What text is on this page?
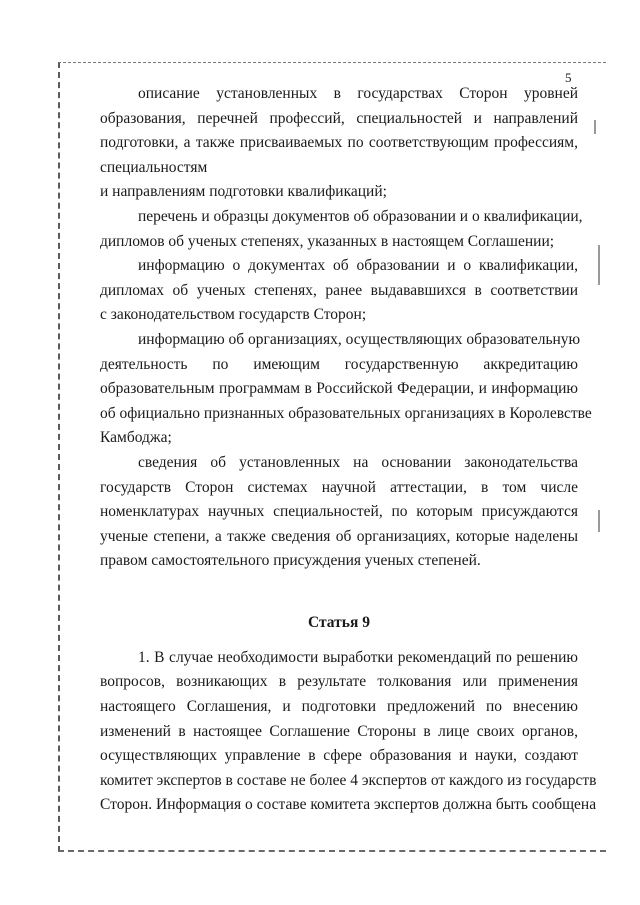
5
описание установленных в государствах Сторон уровней
образования, перечней профессий, специальностей и направлений
подготовки, а также присваиваемых по соответствующим профессиям,
специальностям
и направлениям подготовки квалификаций;
перечень и образцы документов об образовании и о квалификации,
дипломов об ученых степенях, указанных в настоящем Соглашении;
информацию о документах об образовании и о квалификации,
дипломах об ученых степенях, ранее выдававшихся в соответствии
с законодательством государств Сторон;
информацию об организациях, осуществляющих образовательную
деятельность по имеющим государственную аккредитацию
образовательным программам в Российской Федерации, и информацию
об официально признанных образовательных организациях в Королевстве
Камбоджа;
сведения об установленных на основании законодательства
государств Сторон системах научной аттестации, в том числе
номенклатурах научных специальностей, по которым присуждаются
ученые степени, а также сведения об организациях, которые наделены
правом самостоятельного присуждения ученых степеней.
Статья 9
1. В случае необходимости выработки рекомендаций по решению
вопросов, возникающих в результате толкования или применения
настоящего Соглашения, и подготовки предложений по внесению
изменений в настоящее Соглашение Стороны в лице своих органов,
осуществляющих управление в сфере образования и науки, создают
комитет экспертов в составе не более 4 экспертов от каждого из государств
Сторон. Информация о составе комитета экспертов должна быть сообщена
